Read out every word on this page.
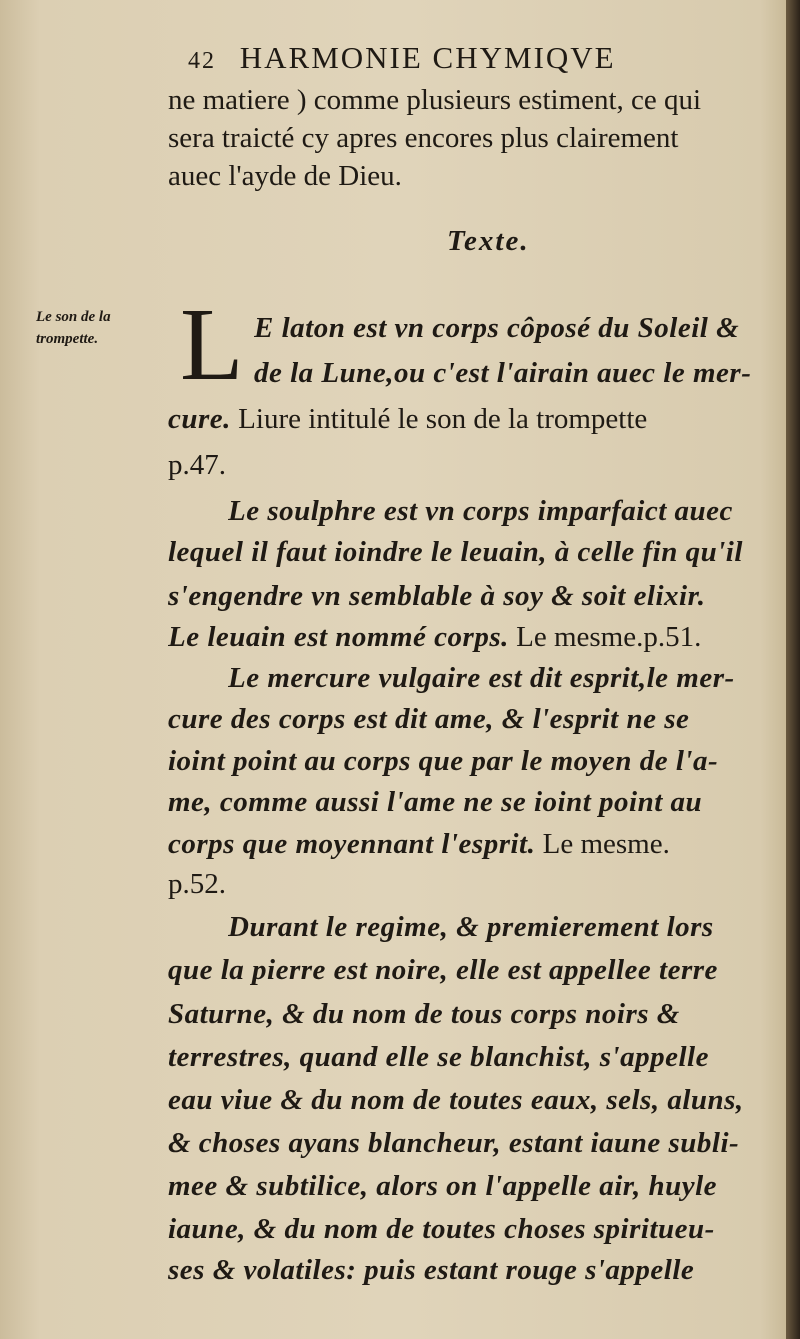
42 HARMONIE CHYMIQVE
ne matiere ) comme plusieurs estiment, ce qui
sera traicté cy apres encores plus clairement
auec l'ayde de Dieu.
Texte.
Le son de la
trompette. L E laton est vn corps côposé du Soleil &
de la Lune,ou c'est l'airain auec le mer-
cure. Liure intitulé le son de la trompette
p.47.
Le soulphre est vn corps imparfaict auec
lequel il faut ioindre le leuain, à celle fin qu'il
s'engendre vn semblable à soy & soit elixir.
Le leuain est nommé corps. Le mesme.p.51.
Le mercure vulgaire est dit esprit,le mer-
cure des corps est dit ame, & l'esprit ne se
ioint point au corps que par le moyen de l'a-
me, comme aussi l'ame ne se ioint point au
corps que moyennant l'esprit. Le mesme.
p.52.
Durant le regime, & premierement lors
que la pierre est noire, elle est appellee terre
Saturne, & du nom de tous corps noirs &
terrestres, quand elle se blanchist, s'appelle
eau viue & du nom de toutes eaux, sels, aluns,
& choses ayans blancheur, estant iaune subli-
mee & subtilice, alors on l'appelle air, huyle
iaune, & du nom de toutes choses spiritueu-
ses & volatiles: puis estant rouge s'appelle
